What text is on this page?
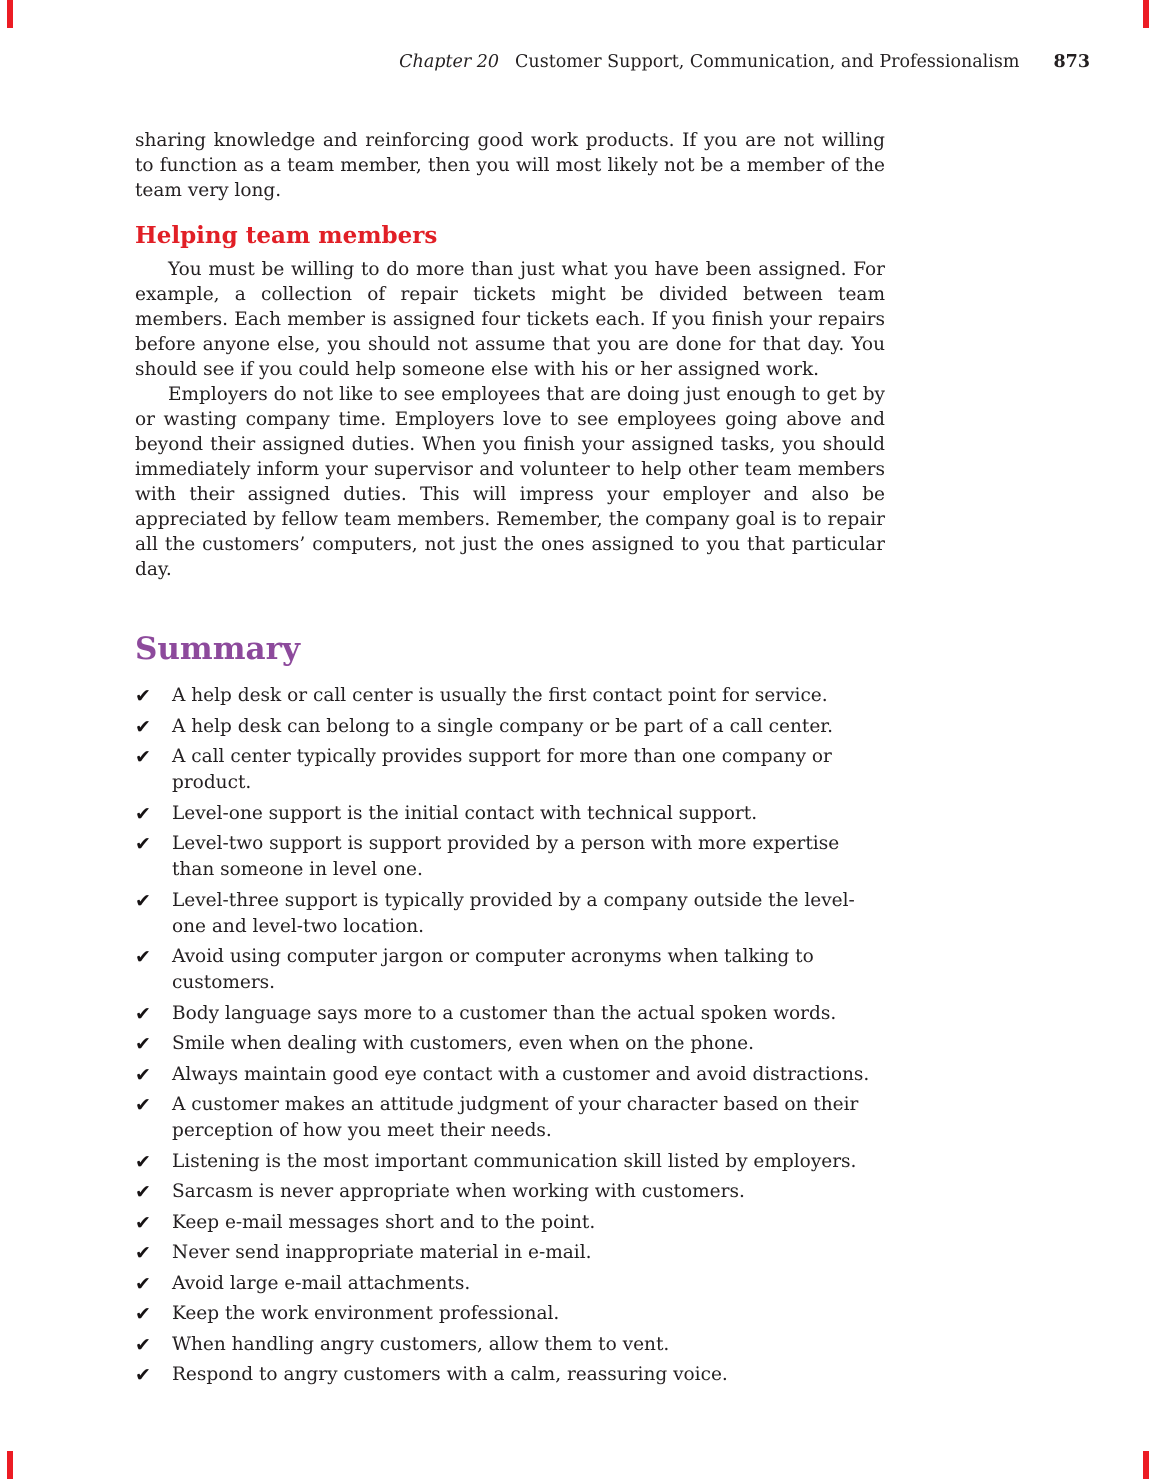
Chapter 20 Customer Support, Communication, and Professionalism 873

sharing knowledge and reinforcing good work products. If you are not willing to function as a team member, then you will most likely not be a member of the team very long.

Helping team members

You must be willing to do more than just what you have been assigned. For example, a collection of repair tickets might be divided between team members. Each member is assigned four tickets each. If you finish your repairs before anyone else, you should not assume that you are done for that day. You should see if you could help someone else with his or her assigned work.

Employers do not like to see employees that are doing just enough to get by or wasting company time. Employers love to see employees going above and beyond their assigned duties. When you finish your assigned tasks, you should immediately inform your supervisor and volunteer to help other team members with their assigned duties. This will impress your employer and also be appreciated by fellow team members. Remember, the company goal is to repair all the customers’ computers, not just the ones assigned to you that particular day.

Summary
✔ A help desk or call center is usually the first contact point for service.
✔ A help desk can belong to a single company or be part of a call center.
✔ A call center typically provides support for more than one company or product.
✔ Level-one support is the initial contact with technical support.
✔ Level-two support is support provided by a person with more expertise than someone in level one.
✔ Level-three support is typically provided by a company outside the level-one and level-two location.
✔ Avoid using computer jargon or computer acronyms when talking to customers.
✔ Body language says more to a customer than the actual spoken words.
✔ Smile when dealing with customers, even when on the phone.
✔ Always maintain good eye contact with a customer and avoid distractions.
✔ A customer makes an attitude judgment of your character based on their perception of how you meet their needs.
✔ Listening is the most important communication skill listed by employers.
✔ Sarcasm is never appropriate when working with customers.
✔ Keep e-mail messages short and to the point.
✔ Never send inappropriate material in e-mail.
✔ Avoid large e-mail attachments.
✔ Keep the work environment professional.
✔ When handling angry customers, allow them to vent.
✔ Respond to angry customers with a calm, reassuring voice.
